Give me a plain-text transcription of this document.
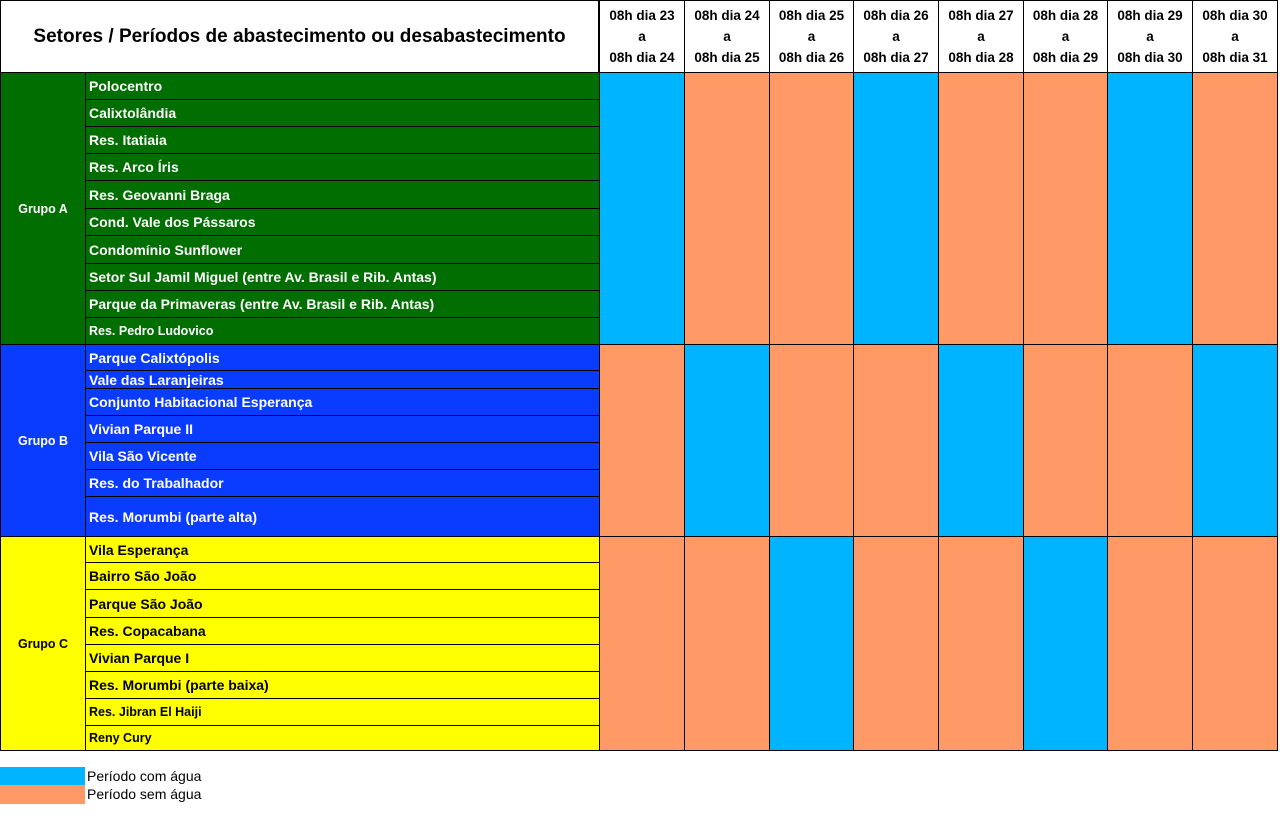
Setores / Períodos de abastecimento ou desabastecimento
08h dia 23
a
08h dia 24
08h dia 24
a
08h dia 25
08h dia 25
a
08h dia 26
08h dia 26
a
08h dia 27
08h dia 27
a
08h dia 28
08h dia 28
a
08h dia 29
08h dia 29
a
08h dia 30
08h dia 30
a
08h dia 31
Grupo A
Polocentro
Calixtolândia
Res. Itatiaia
Res. Arco Íris
Res. Geovanni Braga
Cond. Vale dos Pássaros
Condomínio Sunflower
Setor Sul Jamil Miguel (entre Av. Brasil e Rib. Antas)
Parque da Primaveras (entre Av. Brasil e Rib. Antas)
Res. Pedro Ludovico
Grupo B
Parque Calixtópolis
Vale das Laranjeiras
Conjunto Habitacional Esperança
Vivian Parque II
Vila São Vicente
Res. do Trabalhador
Res. Morumbi (parte alta)
Grupo C
Vila Esperança
Bairro São João
Parque São João
Res. Copacabana
Vivian Parque I
Res. Morumbi (parte baixa)
Res. Jibran El Haiji
Reny Cury
Período com água
Período sem água
